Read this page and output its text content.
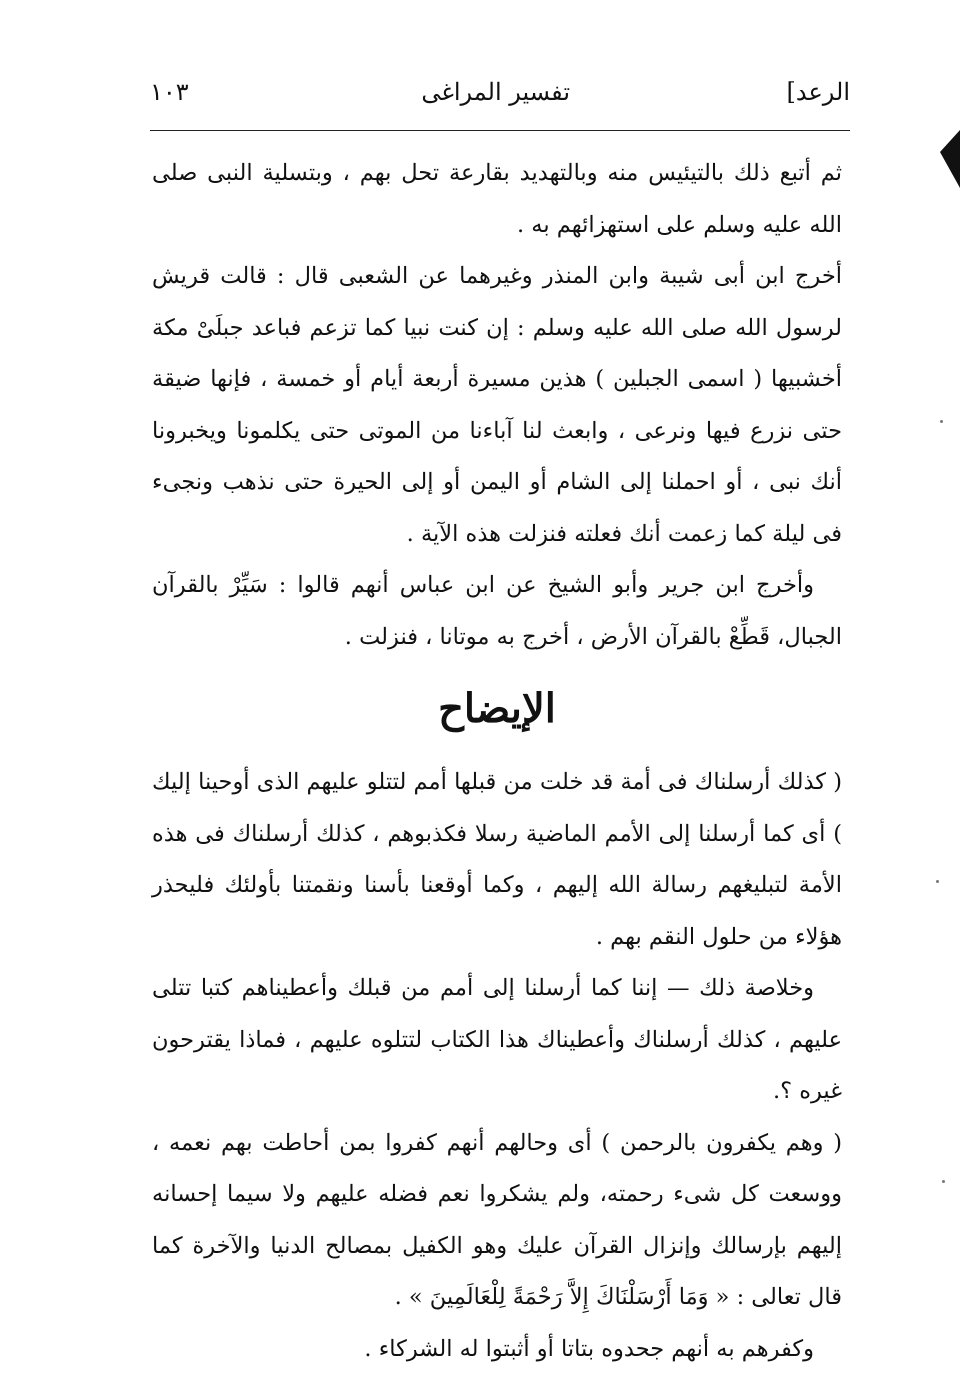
الرعد]
تفسير المراغى
١٠٣

ثم أتبع ذلك بالتيئيس منه وبالتهديد بقارعة تحل بهم ، وبتسلية النبى صلى الله عليه وسلم على استهزائهم به .

أخرج ابن أبى شيبة وابن المنذر وغيرهما عن الشعبى قال : قالت قريش لرسول الله صلى الله عليه وسلم : إن كنت نبيا كما تزعم فباعد جبلَىْ مكة أخشبيها ( اسمى الجبلين ) هذين مسيرة أربعة أيام أو خمسة ، فإنها ضيقة حتى نزرع فيها ونرعى ، وابعث لنا آباءنا من الموتى حتى يكلمونا ويخبرونا أنك نبى ، أو احملنا إلى الشام أو اليمن أو إلى الحيرة حتى نذهب ونجىء فى ليلة كما زعمت أنك فعلته فنزلت هذه الآية .

وأخرج ابن جرير وأبو الشيخ عن ابن عباس أنهم قالوا : سَيِّرْ بالقرآن الجبال، قَطِّعْ بالقرآن الأرض ، أخرج به موتانا ، فنزلت .

الإيضاح

( كذلك أرسلناك فى أمة قد خلت من قبلها أمم لتتلو عليهم الذى أوحينا إليك ) أى كما أرسلنا إلى الأمم الماضية رسلا فكذبوهم ، كذلك أرسلناك فى هذه الأمة لتبليغهم رسالة الله إليهم ، وكما أوقعنا بأسنا ونقمتنا بأولئك فليحذر هؤلاء من حلول النقم بهم .

وخلاصة ذلك — إننا كما أرسلنا إلى أمم من قبلك وأعطيناهم كتبا تتلى عليهم ، كذلك أرسلناك وأعطيناك هذا الكتاب لتتلوه عليهم ، فماذا يقترحون غيره ؟.

( وهم يكفرون بالرحمن ) أى وحالهم أنهم كفروا بمن أحاطت بهم نعمه ، ووسعت كل شىء رحمته، ولم يشكروا نعم فضله عليهم ولا سيما إحسانه إليهم بإرسالك وإنزال القرآن عليك وهو الكفيل بمصالح الدنيا والآخرة كما قال تعالى : « وَمَا أَرْسَلْنَاكَ إِلاَّ رَحْمَةً لِلْعَالَمِينَ » .

وكفرهم به أنهم جحدوه بتاتا أو أثبتوا له الشركاء .
